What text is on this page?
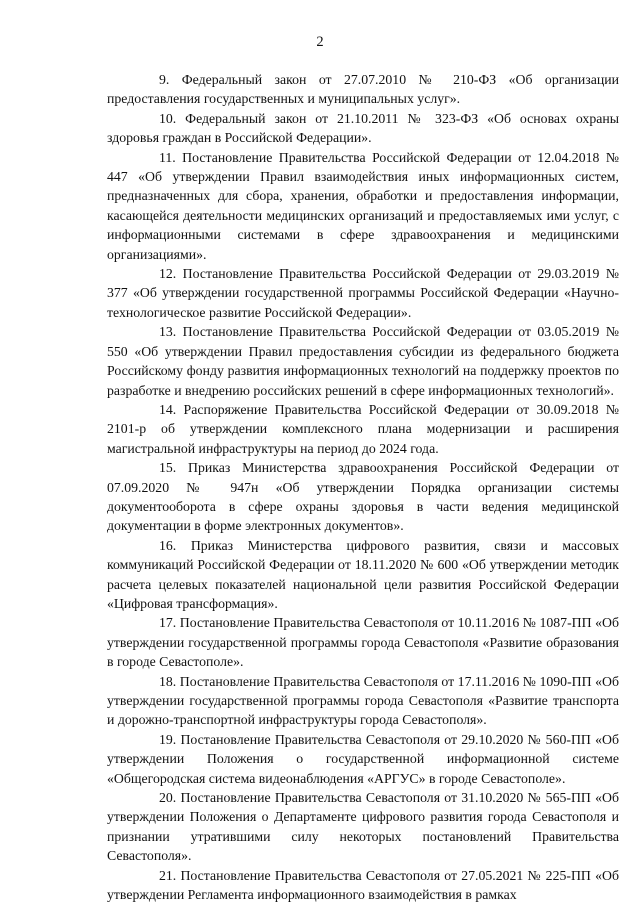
2

9. Федеральный закон от 27.07.2010 № 210-ФЗ «Об организации предоставления государственных и муниципальных услуг».

10. Федеральный закон от 21.10.2011 № 323-ФЗ «Об основах охраны здоровья граждан в Российской Федерации».

11. Постановление Правительства Российской Федерации от 12.04.2018 № 447 «Об утверждении Правил взаимодействия иных информационных систем, предназначенных для сбора, хранения, обработки и предоставления информации, касающейся деятельности медицинских организаций и предоставляемых ими услуг, с информационными системами в сфере здравоохранения и медицинскими организациями».

12. Постановление Правительства Российской Федерации от 29.03.2019 № 377 «Об утверждении государственной программы Российской Федерации «Научно-технологическое развитие Российской Федерации».

13. Постановление Правительства Российской Федерации от 03.05.2019 № 550 «Об утверждении Правил предоставления субсидии из федерального бюджета Российскому фонду развития информационных технологий на поддержку проектов по разработке и внедрению российских решений в сфере информационных технологий».

14. Распоряжение Правительства Российской Федерации от 30.09.2018 № 2101-р об утверждении комплексного плана модернизации и расширения магистральной инфраструктуры на период до 2024 года.

15. Приказ Министерства здравоохранения Российской Федерации от 07.09.2020 № 947н «Об утверждении Порядка организации системы документооборота в сфере охраны здоровья в части ведения медицинской документации в форме электронных документов».

16. Приказ Министерства цифрового развития, связи и массовых коммуникаций Российской Федерации от 18.11.2020 № 600 «Об утверждении методик расчета целевых показателей национальной цели развития Российской Федерации «Цифровая трансформация».

17. Постановление Правительства Севастополя от 10.11.2016 № 1087-ПП «Об утверждении государственной программы города Севастополя «Развитие образования в городе Севастополе».

18. Постановление Правительства Севастополя от 17.11.2016 № 1090-ПП «Об утверждении государственной программы города Севастополя «Развитие транспорта и дорожно-транспортной инфраструктуры города Севастополя».

19. Постановление Правительства Севастополя от 29.10.2020 № 560-ПП «Об утверждении Положения о государственной информационной системе «Общегородская система видеонаблюдения «АРГУС» в городе Севастополе».

20. Постановление Правительства Севастополя от 31.10.2020 № 565-ПП «Об утверждении Положения о Департаменте цифрового развития города Севастополя и признании утратившими силу некоторых постановлений Правительства Севастополя».

21. Постановление Правительства Севастополя от 27.05.2021 № 225-ПП «Об утверждении Регламента информационного взаимодействия в рамках
